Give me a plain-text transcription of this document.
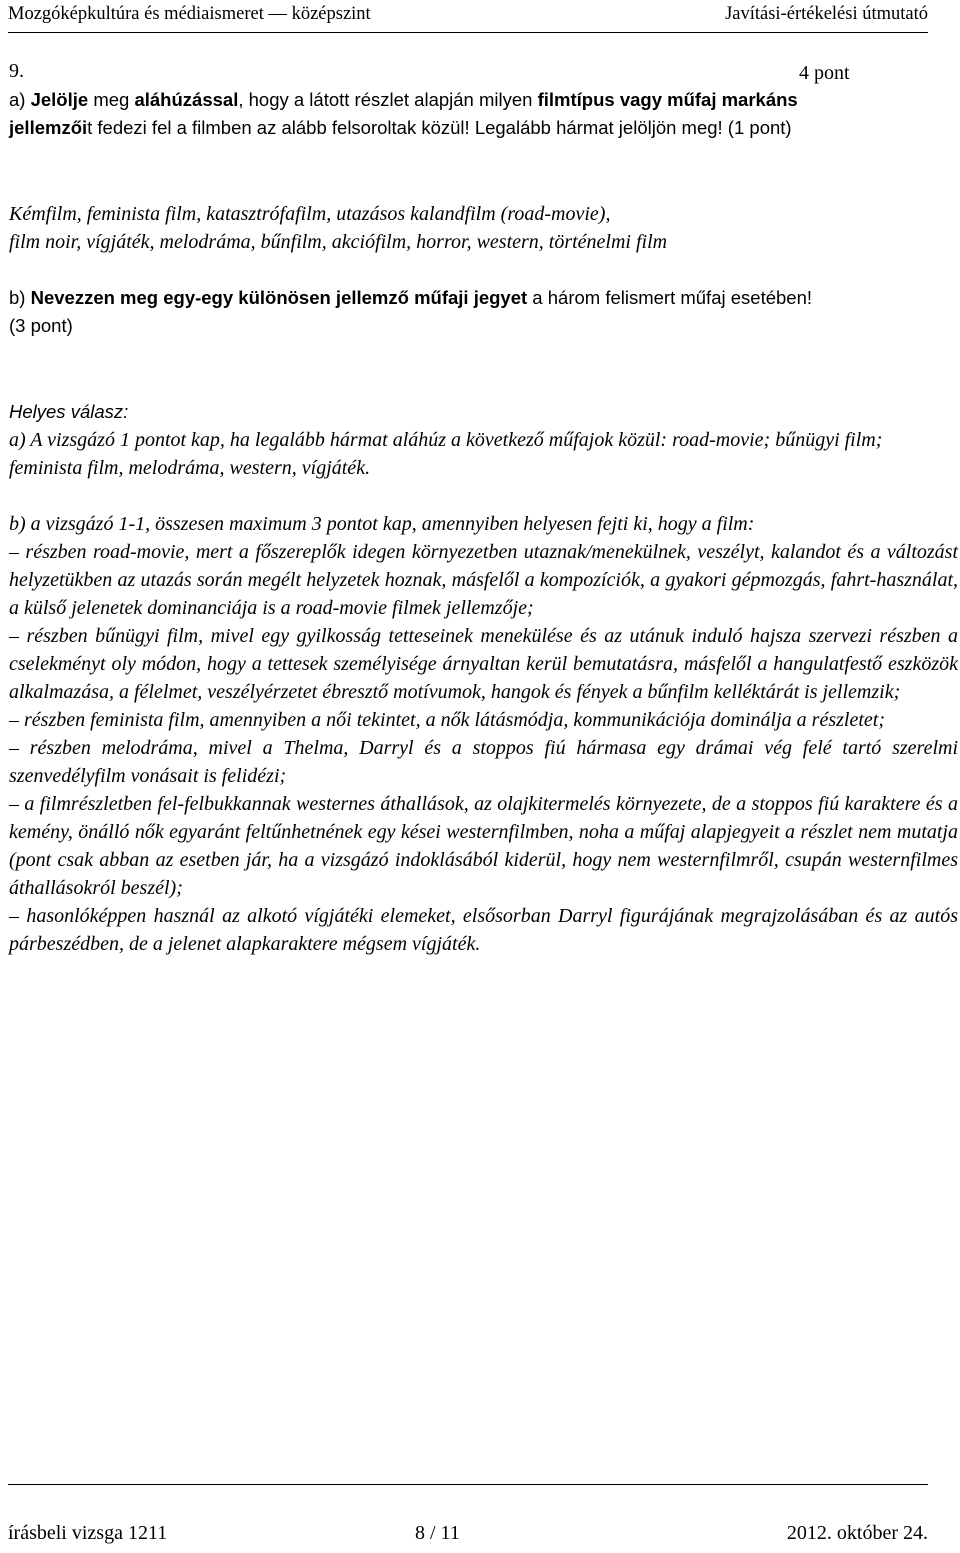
Mozgóképkultúra és médiaismeret — középszint	Javítási-értékelési útmutató
9.	4 pont

a) Jelölje meg aláhúzással, hogy a látott részlet alapján milyen filmtípus vagy műfaj markáns jellemzőit fedezi fel a filmben az alább felsoroltak közül! Legalább hármat jelöljön meg! (1 pont)

Kémfilm, feminista film, katasztrófafilm, utazásos kalandfilm (road-movie),
film noir, vígjáték, melodráma, bűnfilm, akciófilm, horror, western, történelmi film

b) Nevezzen meg egy-egy különösen jellemző műfaji jegyet a három felismert műfaj esetében! (3 pont)

Helyes válasz:

a) A vizsgázó 1 pontot kap, ha legalább hármat aláhúz a következő műfajok közül: road-movie; bűnügyi film; feminista film, melodráma, western, vígjáték.

b) a vizsgázó 1-1, összesen maximum 3 pontot kap, amennyiben helyesen fejti ki, hogy a film:
– részben road-movie, mert a főszereplők idegen környezetben utaznak/menekülnek, veszélyt, kalandot és a változást helyzetükben az utazás során megélt helyzetek hoznak, másfelől a kompozíciók, a gyakori gépmozgás, fahrt-használat, a külső jelenetek dominanciája is a road-movie filmek jellemzője;
– részben bűnügyi film, mivel egy gyilkosság tetteseinek menekülése és az utánuk induló hajsza szervezi részben a cselekményt oly módon, hogy a tettesek személyisége árnyaltan kerül bemutatásra, másfelől a hangulatfestő eszközök alkalmazása, a félelmet, veszélyérzetet ébresztő motívumok, hangok és fények a bűnfilm kelléktárát is jellemzik;
– részben feminista film, amennyiben a női tekintet, a nők látásmódja, kommunikációja dominálja a részletet;
– részben melodráma, mivel a Thelma, Darryl és a stoppos fiú hármasa egy drámai vég felé tartó szerelmi szenvedélyfilm vonásait is felidézi;
– a filmrészletben fel-felbukkannak westernes áthallások, az olajkitermelés környezete, de a stoppos fiú karaktere és a kemény, önálló nők egyaránt feltűnhetnének egy kései westernfilmben, noha a műfaj alapjegyeit a részlet nem mutatja (pont csak abban az esetben jár, ha a vizsgázó indoklásából kiderül, hogy nem westernfilmről, csupán westernfilmes áthallásokról beszél);
– hasonlóképpen használ az alkotó vígjátéki elemeket, elsősorban Darryl figurájának megrajzolásában és az autós párbeszédben, de a jelenet alapkaraktere mégsem vígjáték.
írásbeli vizsga 1211	8 / 11	2012. október 24.
